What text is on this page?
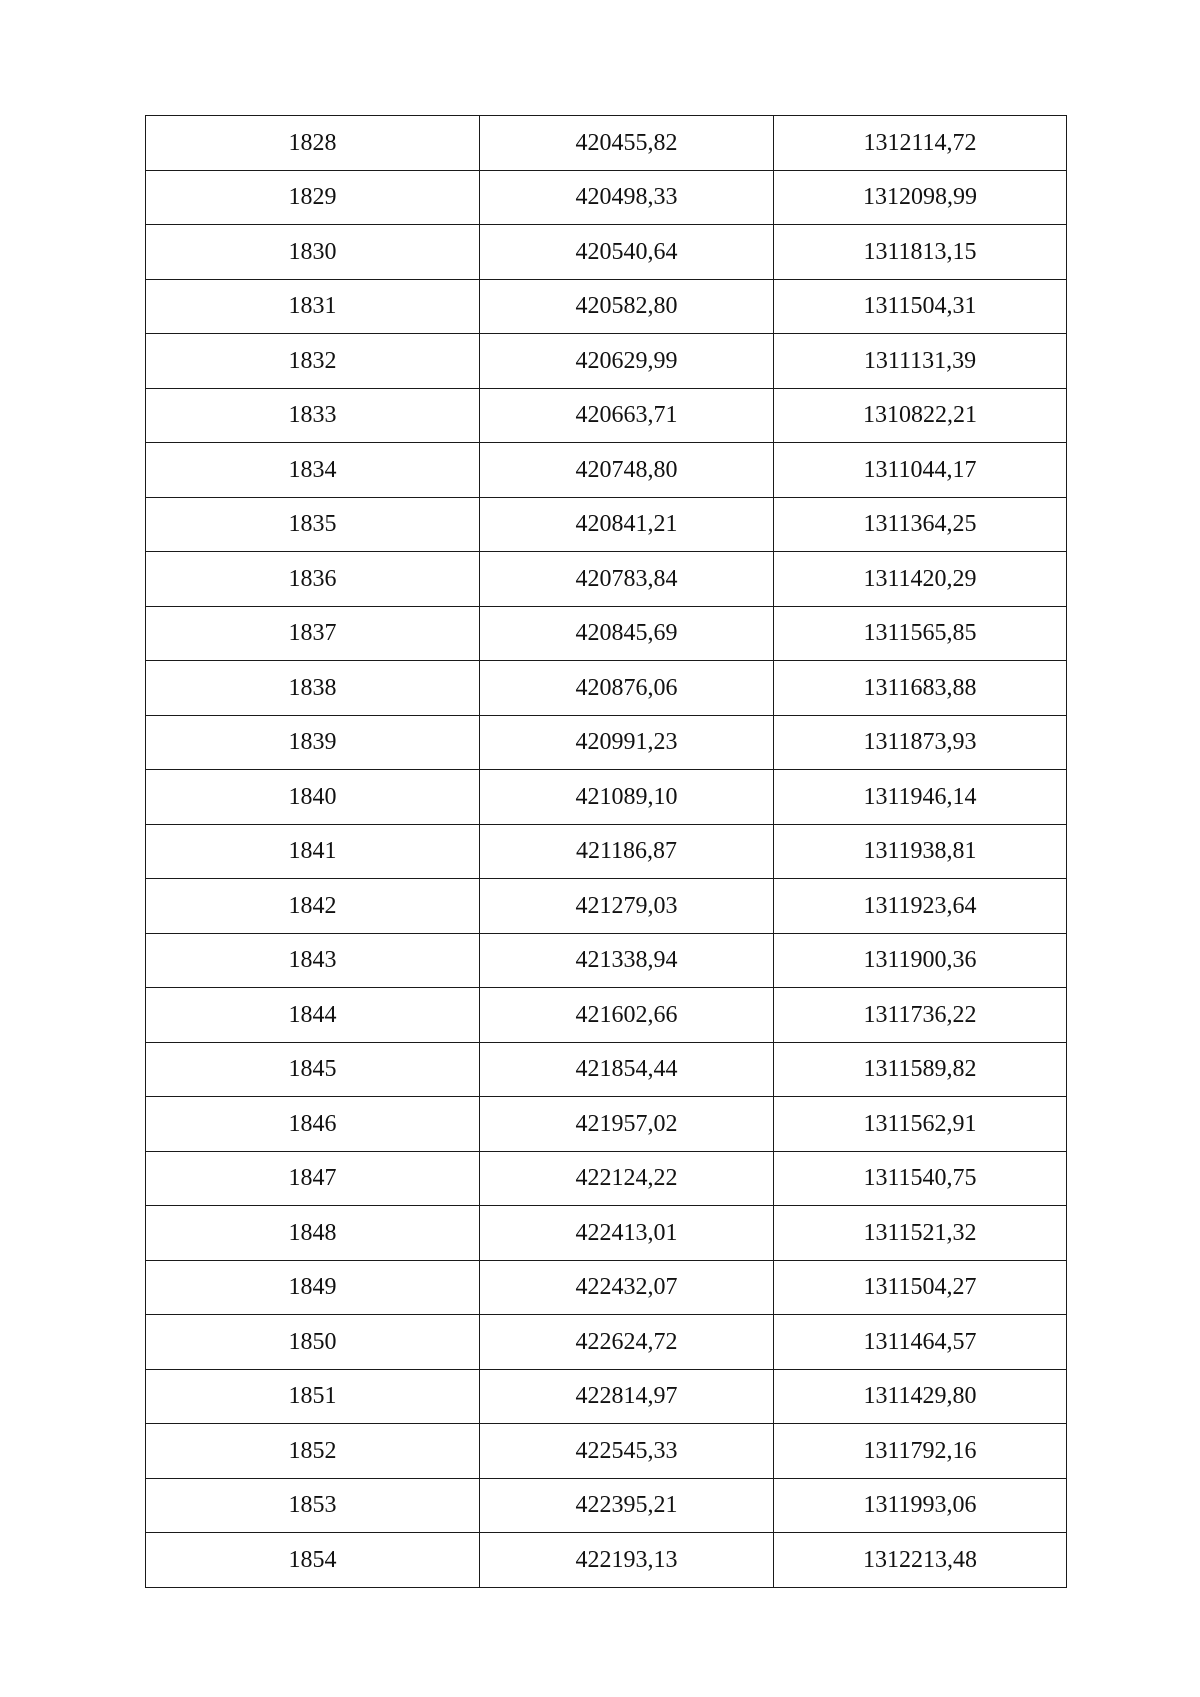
1828	420455,82	1312114,72
1829	420498,33	1312098,99
1830	420540,64	1311813,15
1831	420582,80	1311504,31
1832	420629,99	1311131,39
1833	420663,71	1310822,21
1834	420748,80	1311044,17
1835	420841,21	1311364,25
1836	420783,84	1311420,29
1837	420845,69	1311565,85
1838	420876,06	1311683,88
1839	420991,23	1311873,93
1840	421089,10	1311946,14
1841	421186,87	1311938,81
1842	421279,03	1311923,64
1843	421338,94	1311900,36
1844	421602,66	1311736,22
1845	421854,44	1311589,82
1846	421957,02	1311562,91
1847	422124,22	1311540,75
1848	422413,01	1311521,32
1849	422432,07	1311504,27
1850	422624,72	1311464,57
1851	422814,97	1311429,80
1852	422545,33	1311792,16
1853	422395,21	1311993,06
1854	422193,13	1312213,48
